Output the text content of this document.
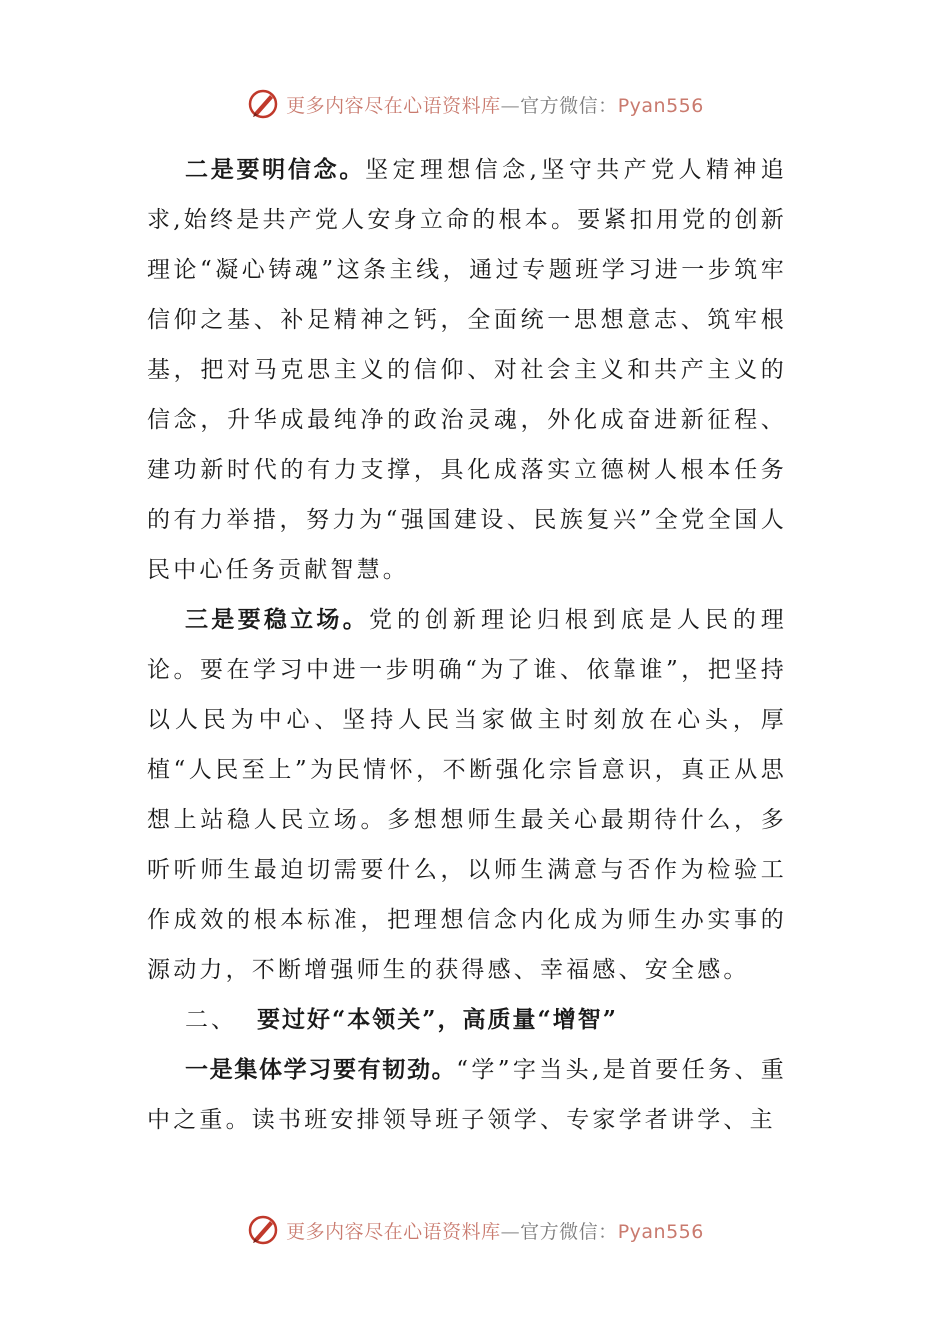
更多内容尽在心语资料库—官方微信：Pyan556

二是要明信念。坚定理想信念,坚守共产党人精神追求,始终是共产党人安身立命的根本。要紧扣用党的创新理论“凝心铸魂”这条主线，通过专题班学习进一步筑牢信仰之基、补足精神之钙，全面统一思想意志、筑牢根基，把对马克思主义的信仰、对社会主义和共产主义的信念，升华成最纯净的政治灵魂，外化成奋进新征程、建功新时代的有力支撑，具化成落实立德树人根本任务的有力举措，努力为“强国建设、民族复兴”全党全国人民中心任务贡献智慧。

三是要稳立场。党的创新理论归根到底是人民的理论。要在学习中进一步明确“为了谁、依靠谁”，把坚持以人民为中心、坚持人民当家做主时刻放在心头，厚植“人民至上”为民情怀，不断强化宗旨意识，真正从思想上站稳人民立场。多想想师生最关心最期待什么，多听听师生最迫切需要什么，以师生满意与否作为检验工作成效的根本标准，把理想信念内化成为师生办实事的源动力，不断增强师生的获得感、幸福感、安全感。

二、 要过好“本领关”，高质量“增智”

一是集体学习要有韧劲。“学”字当头,是首要任务、重中之重。读书班安排领导班子领学、专家学者讲学、主

更多内容尽在心语资料库—官方微信：Pyan556
